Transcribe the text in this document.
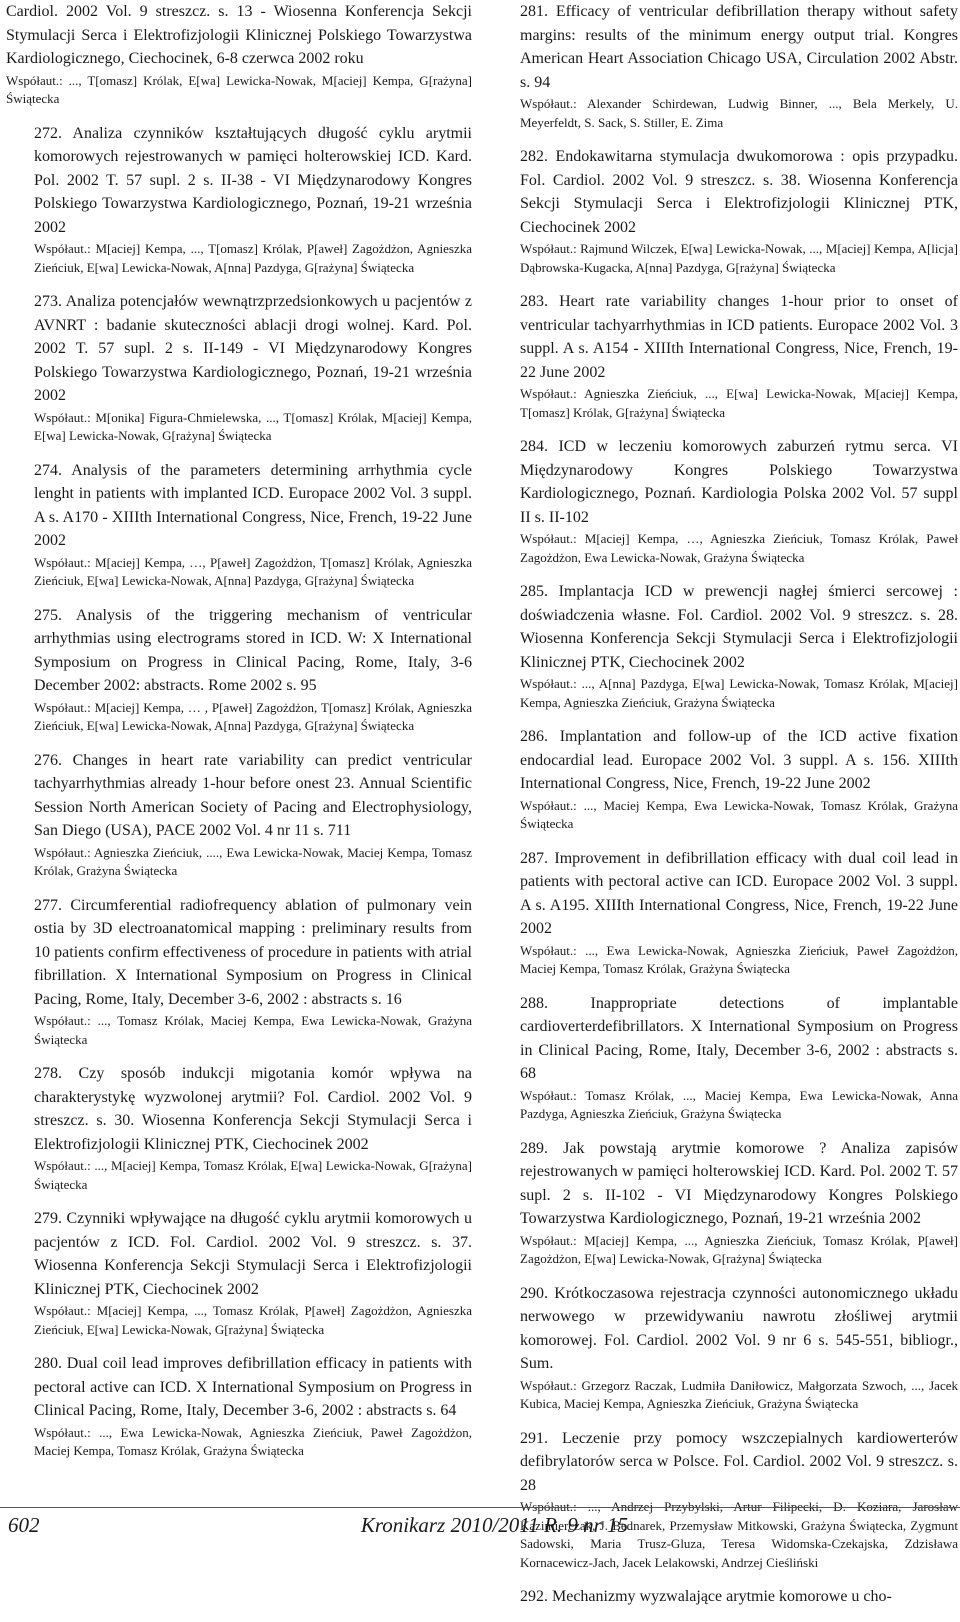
Cardiol. 2002 Vol. 9 streszcz. s. 13 - Wiosenna Konferencja Sekcji Stymulacji Serca i Elektrofizjologii Klinicznej Polskiego Towarzystwa Kardiologicznego, Ciechocinek, 6-8 czerwca 2002 roku

Współaut.: ..., T[omasz] Królak, E[wa] Lewicka-Nowak, M[aciej] Kempa, G[rażyna] Świątecka

272. Analiza czynników kształtujących długość cyklu arytmii komorowych rejestrowanych w pamięci holterowskiej ICD. Kard. Pol. 2002 T. 57 supl. 2 s. II-38 - VI Międzynarodowy Kongres Polskiego Towarzystwa Kardiologicznego, Poznań, 19-21 września 2002

Współaut.: M[aciej] Kempa, ..., T[omasz] Królak, P[aweł] Zagożdżon, Agnieszka Zieńciuk, E[wa] Lewicka-Nowak, A[nna] Pazdyga, G[rażyna] Świątecka

273. Analiza potencjałów wewnątrzprzedsionkowych u pacjentów z AVNRT : badanie skuteczności ablacji drogi wolnej. Kard. Pol. 2002 T. 57 supl. 2 s. II-149 - VI Międzynarodowy Kongres Polskiego Towarzystwa Kardiologicznego, Poznań, 19-21 września 2002

Współaut.: M[onika] Figura-Chmielewska, ..., T[omasz] Królak, M[aciej] Kempa, E[wa] Lewicka-Nowak, G[rażyna] Świątecka

274. Analysis of the parameters determining arrhythmia cycle lenght in patients with implanted ICD. Europace 2002 Vol. 3 suppl. A s. A170 - XIIIth International Congress, Nice, French, 19-22 June 2002

Współaut.: M[aciej] Kempa, …, P[aweł] Zagożdżon, T[omasz] Królak, Agnieszka Zieńciuk, E[wa] Lewicka-Nowak, A[nna] Pazdyga, G[rażyna] Świątecka

275. Analysis of the triggering mechanism of ventricular arrhythmias using electrograms stored in ICD. W: X International Symposium on Progress in Clinical Pacing, Rome, Italy, 3-6 December 2002: abstracts. Rome 2002 s. 95

Współaut.: M[aciej] Kempa, … , P[aweł] Zagożdżon, T[omasz] Królak, Agnieszka Zieńciuk, E[wa] Lewicka-Nowak, A[nna] Pazdyga, G[rażyna] Świątecka

276. Changes in heart rate variability can predict ventricular tachyarrhythmias already 1-hour before onest 23. Annual Scientific Session North American Society of Pacing and Electrophysiology, San Diego (USA), PACE 2002 Vol. 4 nr 11 s. 711

Współaut.: Agnieszka Zieńciuk, ...., Ewa Lewicka-Nowak, Maciej Kempa, Tomasz Królak, Grażyna Świątecka

277. Circumferential radiofrequency ablation of pulmonary vein ostia by 3D electroanatomical mapping : preliminary results from 10 patients confirm effectiveness of procedure in patients with atrial fibrillation. X International Symposium on Progress in Clinical Pacing, Rome, Italy, December 3-6, 2002 : abstracts s. 16

Współaut.: ..., Tomasz Królak, Maciej Kempa, Ewa Lewicka-Nowak, Grażyna Świątecka

278. Czy sposób indukcji migotania komór wpływa na charakterystykę wyzwolonej arytmii? Fol. Cardiol. 2002 Vol. 9 streszcz. s. 30. Wiosenna Konferencja Sekcji Stymulacji Serca i Elektrofizjologii Klinicznej PTK, Ciechocinek 2002

Współaut.: ..., M[aciej] Kempa, Tomasz Królak, E[wa] Lewicka-Nowak, G[rażyna] Świątecka

279. Czynniki wpływające na długość cyklu arytmii komorowych u pacjentów z ICD. Fol. Cardiol. 2002 Vol. 9 streszcz. s. 37. Wiosenna Konferencja Sekcji Stymulacji Serca i Elektrofizjologii Klinicznej PTK, Ciechocinek 2002

Współaut.: M[aciej] Kempa, ..., Tomasz Królak, P[aweł] Zagożdżon, Agnieszka Zieńciuk, E[wa] Lewicka-Nowak, G[rażyna] Świątecka

280. Dual coil lead improves defibrillation efficacy in patients with pectoral active can ICD. X International Symposium on Progress in Clinical Pacing, Rome, Italy, December 3-6, 2002 : abstracts s. 64

Współaut.: ..., Ewa Lewicka-Nowak, Agnieszka Zieńciuk, Paweł Zagożdżon, Maciej Kempa, Tomasz Królak, Grażyna Świątecka

281. Efficacy of ventricular defibrillation therapy without safety margins: results of the minimum energy output trial. Kongres American Heart Association Chicago USA, Circulation 2002 Abstr. s. 94

Współaut.: Alexander Schirdewan, Ludwig Binner, ..., Bela Merkely, U. Meyerfeldt, S. Sack, S. Stiller, E. Zima

282. Endokawitarna stymulacja dwukomorowa : opis przypadku. Fol. Cardiol. 2002 Vol. 9 streszcz. s. 38. Wiosenna Konferencja Sekcji Stymulacji Serca i Elektrofizjologii Klinicznej PTK, Ciechocinek 2002

Współaut.: Rajmund Wilczek, E[wa] Lewicka-Nowak, ..., M[aciej] Kempa, A[licja] Dąbrowska-Kugacka, A[nna] Pazdyga, G[rażyna] Świątecka

283. Heart rate variability changes 1-hour prior to onset of ventricular tachyarrhythmias in ICD patients. Europace 2002 Vol. 3 suppl. A s. A154 - XIIIth International Congress, Nice, French, 19-22 June 2002

Współaut.: Agnieszka Zieńciuk, ..., E[wa] Lewicka-Nowak, M[aciej] Kempa, T[omasz] Królak, G[rażyna] Świątecka

284. ICD w leczeniu komorowych zaburzeń rytmu serca. VI Międzynarodowy Kongres Polskiego Towarzystwa Kardiologicznego, Poznań. Kardiologia Polska 2002 Vol. 57 suppl II s. II-102

Współaut.: M[aciej] Kempa, …, Agnieszka Zieńciuk, Tomasz Królak, Paweł Zagożdżon, Ewa Lewicka-Nowak, Grażyna Świątecka

285. Implantacja ICD w prewencji nagłej śmierci sercowej : doświadczenia własne. Fol. Cardiol. 2002 Vol. 9 streszcz. s. 28. Wiosenna Konferencja Sekcji Stymulacji Serca i Elektrofizjologii Klinicznej PTK, Ciechocinek 2002

Współaut.: ..., A[nna] Pazdyga, E[wa] Lewicka-Nowak, Tomasz Królak, M[aciej] Kempa, Agnieszka Zieńciuk, Grażyna Świątecka

286. Implantation and follow-up of the ICD active fixation endocardial lead. Europace 2002 Vol. 3 suppl. A s. 156. XIIIth International Congress, Nice, French, 19-22 June 2002

Współaut.: ..., Maciej Kempa, Ewa Lewicka-Nowak, Tomasz Królak, Grażyna Świątecka

287. Improvement in defibrillation efficacy with dual coil lead in patients with pectoral active can ICD. Europace 2002 Vol. 3 suppl. A s. A195. XIIIth International Congress, Nice, French, 19-22 June 2002

Współaut.: ..., Ewa Lewicka-Nowak, Agnieszka Zieńciuk, Paweł Zagożdżon, Maciej Kempa, Tomasz Królak, Grażyna Świątecka

288. Inappropriate detections of implantable cardioverterdefibrillators. X International Symposium on Progress in Clinical Pacing, Rome, Italy, December 3-6, 2002 : abstracts s. 68

Współaut.: Tomasz Królak, ..., Maciej Kempa, Ewa Lewicka-Nowak, Anna Pazdyga, Agnieszka Zieńciuk, Grażyna Świątecka

289. Jak powstają arytmie komorowe ? Analiza zapisów rejestrowanych w pamięci holterowskiej ICD. Kard. Pol. 2002 T. 57 supl. 2 s. II-102 - VI Międzynarodowy Kongres Polskiego Towarzystwa Kardiologicznego, Poznań, 19-21 września 2002

Współaut.: M[aciej] Kempa, ..., Agnieszka Zieńciuk, Tomasz Królak, P[aweł] Zagożdżon, E[wa] Lewicka-Nowak, G[rażyna] Świątecka

290. Krótkoczasowa rejestracja czynności autonomicznego układu nerwowego w przewidywaniu nawrotu złośliwej arytmii komorowej. Fol. Cardiol. 2002 Vol. 9 nr 6 s. 545-551, bibliogr., Sum.

Współaut.: Grzegorz Raczak, Ludmiła Daniłowicz, Małgorzata Szwoch, ..., Jacek Kubica, Maciej Kempa, Agnieszka Zieńciuk, Grażyna Świątecka

291. Leczenie przy pomocy wszczepialnych kardiowerterów defibrylatorów serca w Polsce. Fol. Cardiol. 2002 Vol. 9 streszcz. s. 28

Współaut.: ..., Andrzej Przybylski, Artur Filipecki, D. Koziara, Jarosław Kazimierczak, J. Bednarek, Przemysław Mitkowski, Grażyna Świątecka, Zygmunt Sadowski, Maria Trusz-Gluza, Teresa Widomska-Czekajska, Zdzisława Kornacewicz-Jach, Jacek Lelakowski, Andrzej Cieśliński

292. Mechanizmy wyzwalające arytmie komorowe u cho-

602	Kronikarz 2010/2011 R. 9 nr 15
